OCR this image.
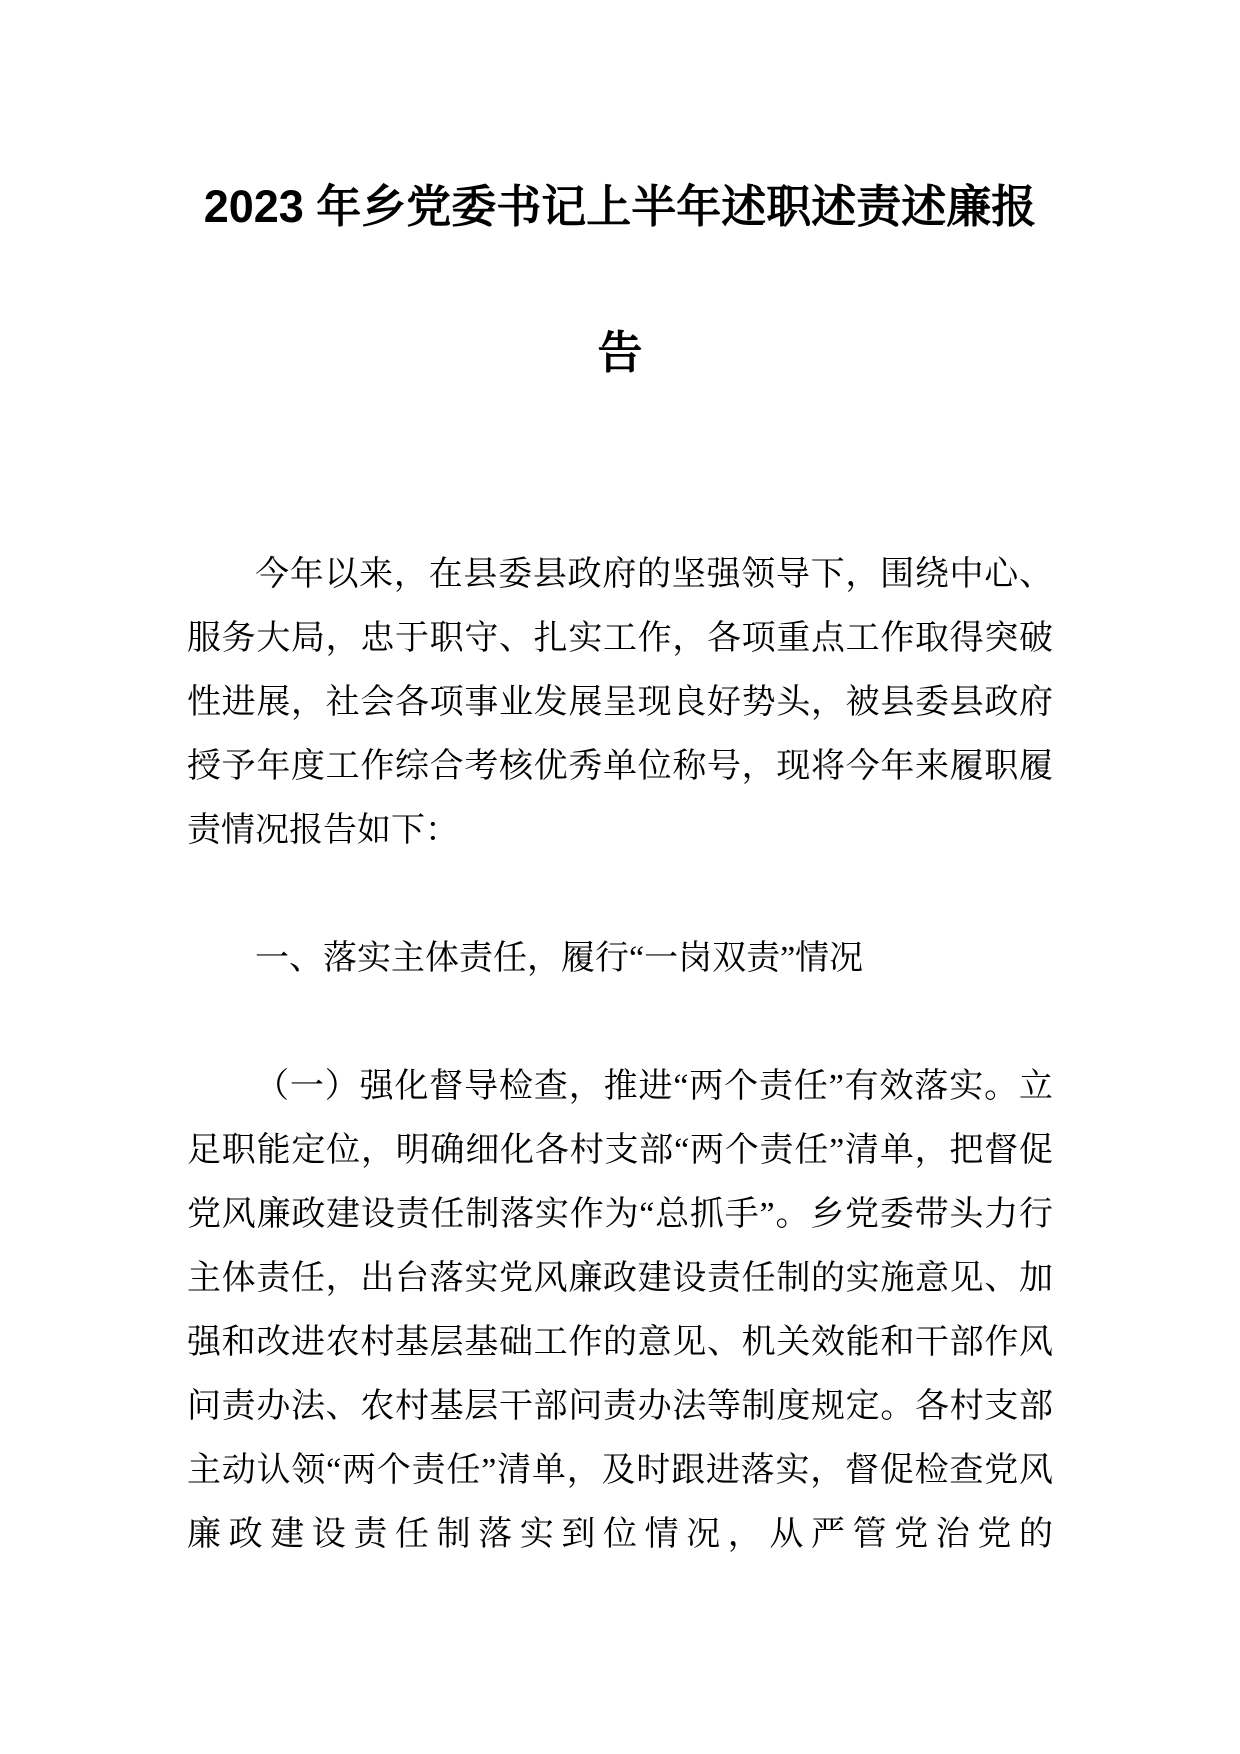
2023 年乡党委书记上半年述职述责述廉报告

今年以来，在县委县政府的坚强领导下，围绕中心、服务大局，忠于职守、扎实工作，各项重点工作取得突破性进展，社会各项事业发展呈现良好势头，被县委县政府授予年度工作综合考核优秀单位称号，现将今年来履职履责情况报告如下：

一、落实主体责任，履行“一岗双责”情况

（一）强化督导检查，推进“两个责任”有效落实。立足职能定位，明确细化各村支部“两个责任”清单，把督促党风廉政建设责任制落实作为“总抓手”。乡党委带头力行主体责任，出台落实党风廉政建设责任制的实施意见、加强和改进农村基层基础工作的意见、机关效能和干部作风问责办法、农村基层干部问责办法等制度规定。各村支部主动认领“两个责任”清单，及时跟进落实，督促检查党风廉政建设责任制落实到位情况，从严管党治党的
